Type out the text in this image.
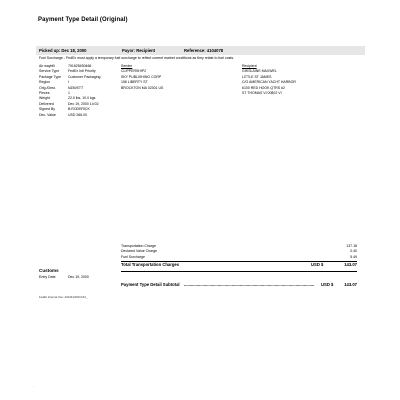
Payment Type Detail (Original)
Picked up: Dec 18, 2000	Payor: Recipient	Reference: 4104078
Fuel Surcharge - FedEx must apply a temporary fuel surcharge to reflect current market conditions as they relate to fuel costs.
Air waybill	791625450466
Service Type	FedEx Intl Priority
Package Type Customer Packaging
Region	I
Orig./Dest.	NZM/STT
Pieces	1
Weight	22.0 lbs, 10.0 kgs
Delivered	Dec 19, 2000 14:02
Signed By	B.RODERICK
Dec. Value	USD 266.00
Sender
CLIPPERSHIP2
SKY PUBLISHING CORP
156 LIBERTY ST
BROCKTON MA 02301 US
Recipient
GHISLAINE MAXWEL
LITTLE ST JAMES
C/O AMERICAN YACHT HARBOR
6100 RED HOOK QTRS #2
ST THOMAS VI 00802 VI
Transportation Charge	137.18
Declared Value Charge	0.40
Fuel Surcharge	5.49
Total Transportation Charges	USD $	143.07
Customs
Entry Date	Dec 19, 2000
Payment Type Detail Subtotal ................................................................................................................	USD $	143.07
FedEx Internal Use: 432444/2001CF1_
.
